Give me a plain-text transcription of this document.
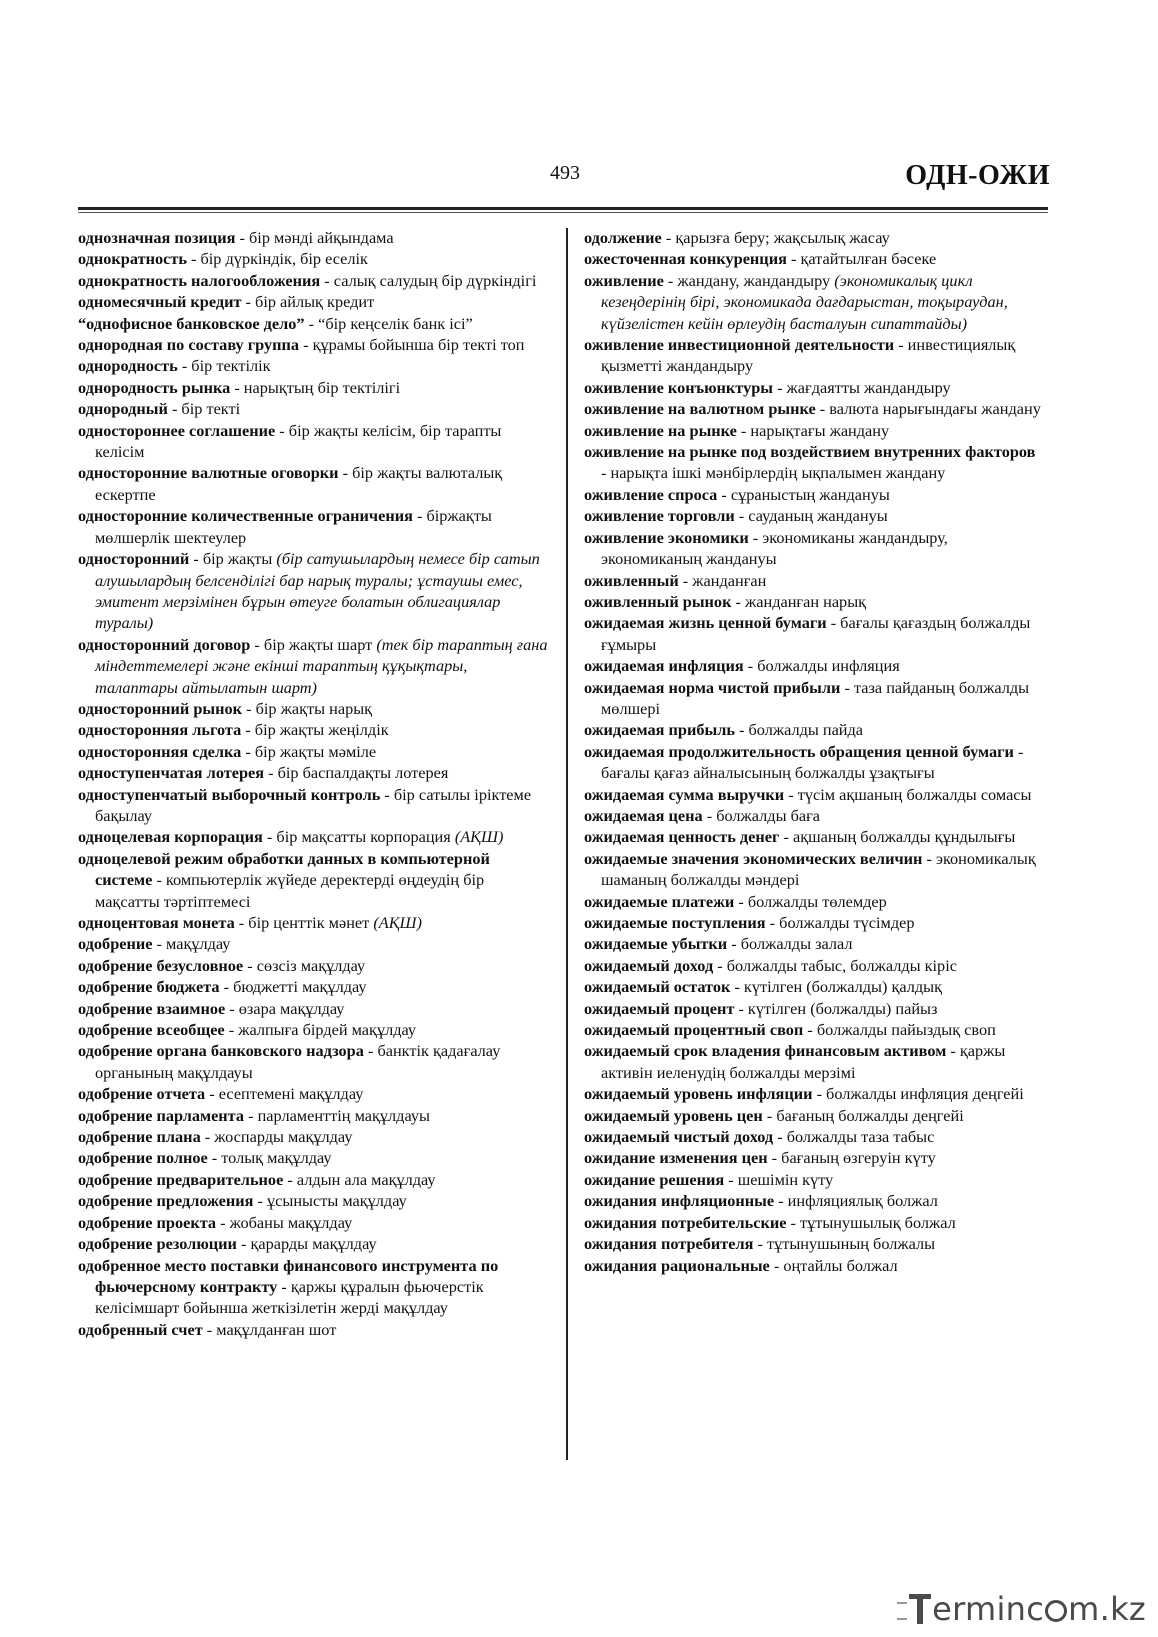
493	ОДН-ОЖИ

однозначная позиция - бір мәнді айқындама

однократность - бір дүркіндік, бір еселік

однократность налогообложения - салық салудың бір дүркіндігі

одномесячный кредит - бір айлық кредит

“однофисное банковское дело” - “бір кеңселік банк ісі”

однородная по составу группа - құрамы бойынша бір текті топ

однородность - бір тектілік

однородность рынка - нарықтың бір тектілігі

однородный - бір текті

одностороннее соглашение - бір жақты келісім, бір тарапты келісім

односторонние валютные оговорки - бір жақты валюталық ескертпе

односторонние количественные ограничения - біржақты мөлшерлік шектеулер

односторонний - бір жақты (бір сатушылардың немесе бір сатып алушылардың белсенділігі бар нарық туралы; ұстаушы емес, эмитент мерзімінен бұрын өтеуге болатын облигациялар туралы)

односторонний договор - бір жақты шарт (тек бір тараптың ғана міндеттемелері және екінші тараптың құқықтары, талаптары айтылатын шарт)

односторонний рынок - бір жақты нарық

односторонняя льгота - бір жақты жеңілдік

односторонняя сделка - бір жақты мәміле

одноступенчатая лотерея - бір баспалдақты лотерея

одноступенчатый выборочный контроль - бір сатылы іріктеме бақылау

одноцелевая корпорация - бір мақсатты корпорация (АҚШ)

одноцелевой режим обработки данных в компьютерной системе - компьютерлік жүйеде деректерді өңдеудің бір мақсатты тәртіптемесі

одноцентовая монета - бір центтік мәнет (АҚШ)

одобрение - мақұлдау

одобрение безусловное - сөзсіз мақұлдау

одобрение бюджета - бюджетті мақұлдау

одобрение взаимное - өзара мақұлдау

одобрение всеобщее - жалпыға бірдей мақұлдау

одобрение органа банковского надзора - банктік қадағалау органының мақұлдауы

одобрение отчета - есептемені мақұлдау

одобрение парламента - парламенттің мақұлдауы

одобрение плана - жоспарды мақұлдау

одобрение полное - толық мақұлдау

одобрение предварительное - алдын ала мақұлдау

одобрение предложения - ұсынысты мақұлдау

одобрение проекта - жобаны мақұлдау

одобрение резолюции - қарарды мақұлдау

одобренное место поставки финансового инструмента по фьючерсному контракту - қаржы құралын фьючерстік келісімшарт бойынша жеткізілетін жерді мақұлдау

одобренный счет - мақұлданған шот

одолжение - қарызға беру; жақсылық жасау

ожесточенная конкуренция - қатайтылған бәсеке

оживление - жандану, жандандыру (экономикалық цикл кезеңдерінің бірі, экономикада дағдарыстан, тоқыраудан, күйзелістен кейін өрлеудің басталуын сипаттайды)

оживление инвестиционной деятельности - инвестициялық қызметті жандандыру

оживление конъюнктуры - жағдаятты жандандыру

оживление на валютном рынке - валюта нарығындағы жандану

оживление на рынке - нарықтағы жандану

оживление на рынке под воздействием внутренних факторов - нарықта ішкі мәнбірлердің ықпалымен жандану

оживление спроса - сұраныстың жандануы

оживление торговли - сауданың жандануы

оживление экономики - экономиканы жандандыру, экономиканың жандануы

оживленный - жанданған

оживленный рынок - жанданған нарық

ожидаемая жизнь ценной бумаги - бағалы қағаздың болжалды ғұмыры

ожидаемая инфляция - болжалды инфляция

ожидаемая норма чистой прибыли - таза пайданың болжалды мөлшері

ожидаемая прибыль - болжалды пайда

ожидаемая продолжительность обращения ценной бумаги - бағалы қағаз айналысының болжалды ұзақтығы

ожидаемая сумма выручки - түсім ақшаның болжалды сомасы

ожидаемая цена - болжалды баға

ожидаемая ценность денег - ақшаның болжалды құндылығы

ожидаемые значения экономических величин - экономикалық шаманың болжалды мәндері

ожидаемые платежи - болжалды төлемдер

ожидаемые поступления - болжалды түсімдер

ожидаемые убытки - болжалды залал

ожидаемый доход - болжалды табыс, болжалды кіріс

ожидаемый остаток - күтілген (болжалды) қалдық

ожидаемый процент - күтілген (болжалды) пайыз

ожидаемый процентный своп - болжалды пайыздық своп

ожидаемый срок владения финансовым активом - қаржы активін иеленудің болжалды мерзімі

ожидаемый уровень инфляции - болжалды инфляция деңгейі

ожидаемый уровень цен - бағаның болжалды деңгейі

ожидаемый чистый доход - болжалды таза табыс

ожидание изменения цен - бағаның өзгеруін күту

ожидание решения - шешімін күту

ожидания инфляционные - инфляциялық болжал

ожидания потребительские - тұтынушылық болжал

ожидания потребителя - тұтынушының болжалы

ожидания рациональные - оңтайлы болжал

ermin c m.kz
